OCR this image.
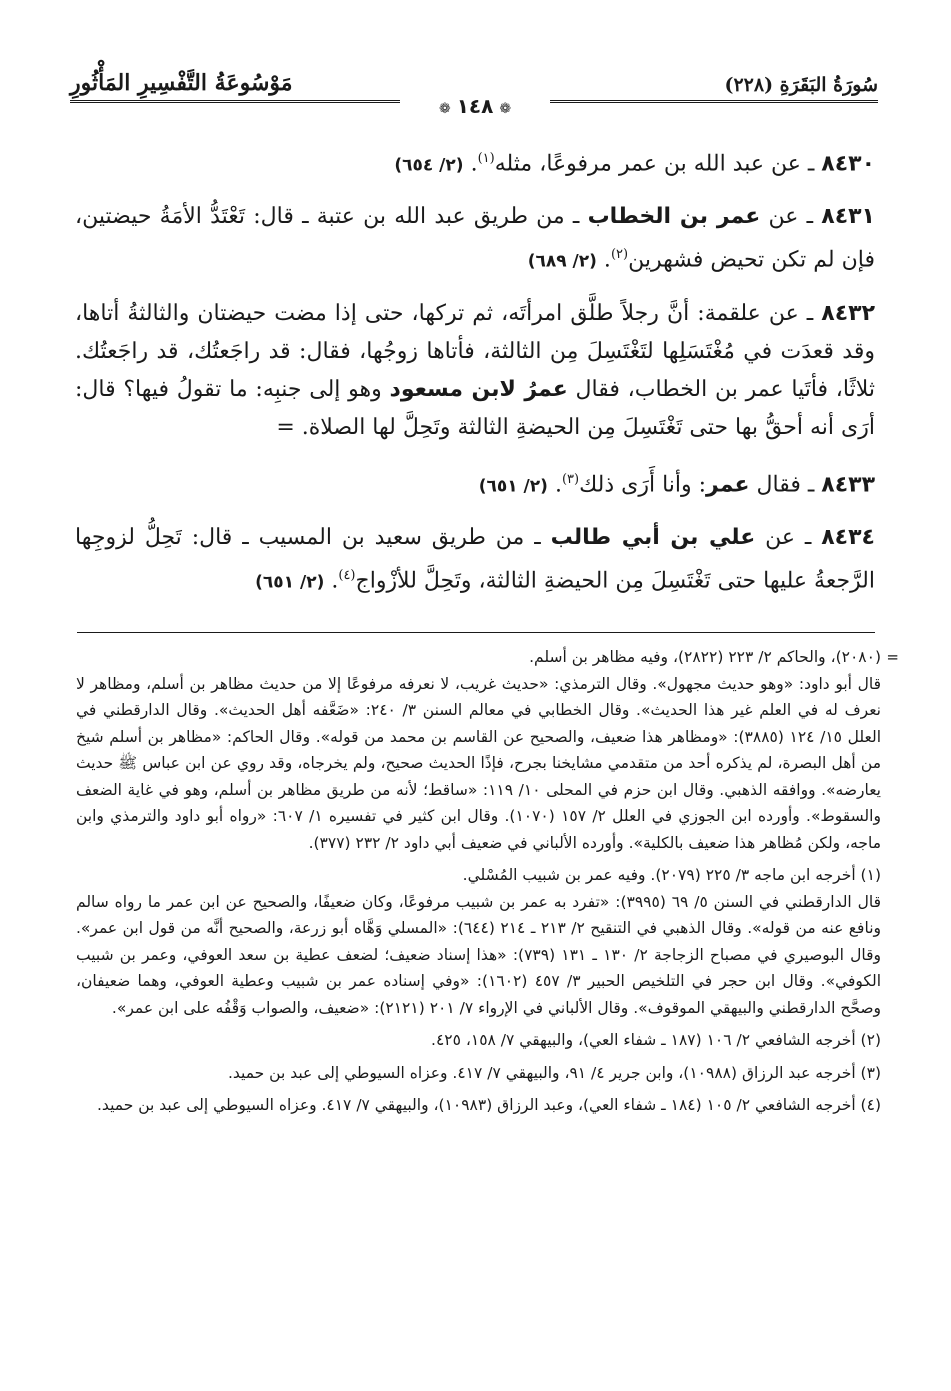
سُورَةُ البَقَرَةِ (٢٢٨)
مَوْسُوعَةُ التَّفْسِيرِ المَأْثُورِ
❁١٤٨❁

٨٤٣٠ ـ عن عبد الله بن عمر مرفوعًا، مثله$^{(١)}$. (٢/ ٦٥٤)

٨٤٣١ ـ عن عمر بن الخطاب ـ من طريق عبد الله بن عتبة ـ قال: تَعْتَدُّ الأمَةُ حيضتين، فإن لم تكن تحيض فشهرين$^{(٢)}$. (٢/ ٦٨٩)

٨٤٣٢ ـ عن علقمة: أنَّ رجلاً طلَّق امرأتَه، ثم تركها، حتى إذا مضت حيضتان والثالثةُ أتاها، وقد قعدَت في مُغْتَسَلِها لتَغْتَسِلَ مِن الثالثة، فأتاها زوجُها، فقال: قد راجَعتُك، قد راجَعتُك. ثلاثًا، فأتَيا عمر بن الخطاب، فقال عمرُ لابن مسعود وهو إلى جنبِه: ما تقولُ فيها؟ قال: أرَى أنه أحقُّ بها حتى تَغْتَسِلَ مِن الحيضةِ الثالثة وتَحِلَّ لها الصلاة. =

٨٤٣٣ ـ فقال عمر: وأنا أَرَى ذلك$^{(٣)}$. (٢/ ٦٥١)

٨٤٣٤ ـ عن علي بن أبي طالب ـ من طريق سعيد بن المسيب ـ قال: تَحِلُّ لزوجِها الرَّجعةُ عليها حتى تَغْتَسِلَ مِن الحيضةِ الثالثة، وتَحِلَّ للأزْواج$^{(٤)}$. (٢/ ٦٥١)

=

(٢٠٨٠)، والحاكم ٢/ ٢٢٣ (٢٨٢٢)، وفيه مظاهر بن أسلم.

قال أبو داود: «وهو حديث مجهول». وقال الترمذي: «حديث غريب، لا نعرفه مرفوعًا إلا من حديث مظاهر بن أسلم، ومظاهر لا نعرف له في العلم غير هذا الحديث». وقال الخطابي في معالم السنن ٣/ ٢٤٠: «ضَعَّفه أهل الحديث». وقال الدارقطني في العلل ١٥/ ١٢٤ (٣٨٨٥): «ومظاهر هذا ضعيف، والصحيح عن القاسم بن محمد من قوله». وقال الحاكم: «مظاهر بن أسلم شيخ من أهل البصرة، لم يذكره أحد من متقدمي مشايخنا بجرح، فإذًا الحديث صحيح، ولم يخرجاه، وقد روي عن ابن عباس ﷺ حديث يعارضه». ووافقه الذهبي. وقال ابن حزم في المحلى ١٠/ ١١٩: «ساقط؛ لأنه من طريق مظاهر بن أسلم، وهو في غاية الضعف والسقوط». وأورده ابن الجوزي في العلل ٢/ ١٥٧ (١٠٧٠). وقال ابن كثير في تفسيره ١/ ٦٠٧: «رواه أبو داود والترمذي وابن ماجه، ولكن مُظاهر هذا ضعيف بالكلية». وأورده الألباني في ضعيف أبي داود ٢/ ٢٣٢ (٣٧٧).

(١) أخرجه ابن ماجه ٣/ ٢٢٥ (٢٠٧٩). وفيه عمر بن شبيب المُسْلي.

قال الدارقطني في السنن ٥/ ٦٩ (٣٩٩٥): «تفرد به عمر بن شبيب مرفوعًا، وكان ضعيفًا، والصحيح عن ابن عمر ما رواه سالم ونافع عنه من قوله». وقال الذهبي في التنقيح ٢/ ٢١٣ ـ ٢١٤ (٦٤٤): «المسلي وَهَّاه أبو زرعة، والصحيح أنَّه من قول ابن عمر». وقال البوصيري في مصباح الزجاجة ٢/ ١٣٠ ـ ١٣١ (٧٣٩): «هذا إسناد ضعيف؛ لضعف عطية بن سعد العوفي، وعمر بن شبيب الكوفي». وقال ابن حجر في التلخيص الحبير ٣/ ٤٥٧ (١٦٠٢): «وفي إسناده عمر بن شبيب وعطية العوفي، وهما ضعيفان، وصحَّح الدارقطني والبيهقي الموقوف». وقال الألباني في الإرواء ٧/ ٢٠١ (٢١٢١): «ضعيف، والصواب وَقْفُه على ابن عمر».

(٢) أخرجه الشافعي ٢/ ١٠٦ (١٨٧ ـ شفاء العي)، والبيهقي ٧/ ١٥٨، ٤٢٥.

(٣) أخرجه عبد الرزاق (١٠٩٨٨)، وابن جرير ٤/ ٩١، والبيهقي ٧/ ٤١٧. وعزاه السيوطي إلى عبد بن حميد.

(٤) أخرجه الشافعي ٢/ ١٠٥ (١٨٤ ـ شفاء العي)، وعبد الرزاق (١٠٩٨٣)، والبيهقي ٧/ ٤١٧. وعزاه السيوطي إلى عبد بن حميد.
